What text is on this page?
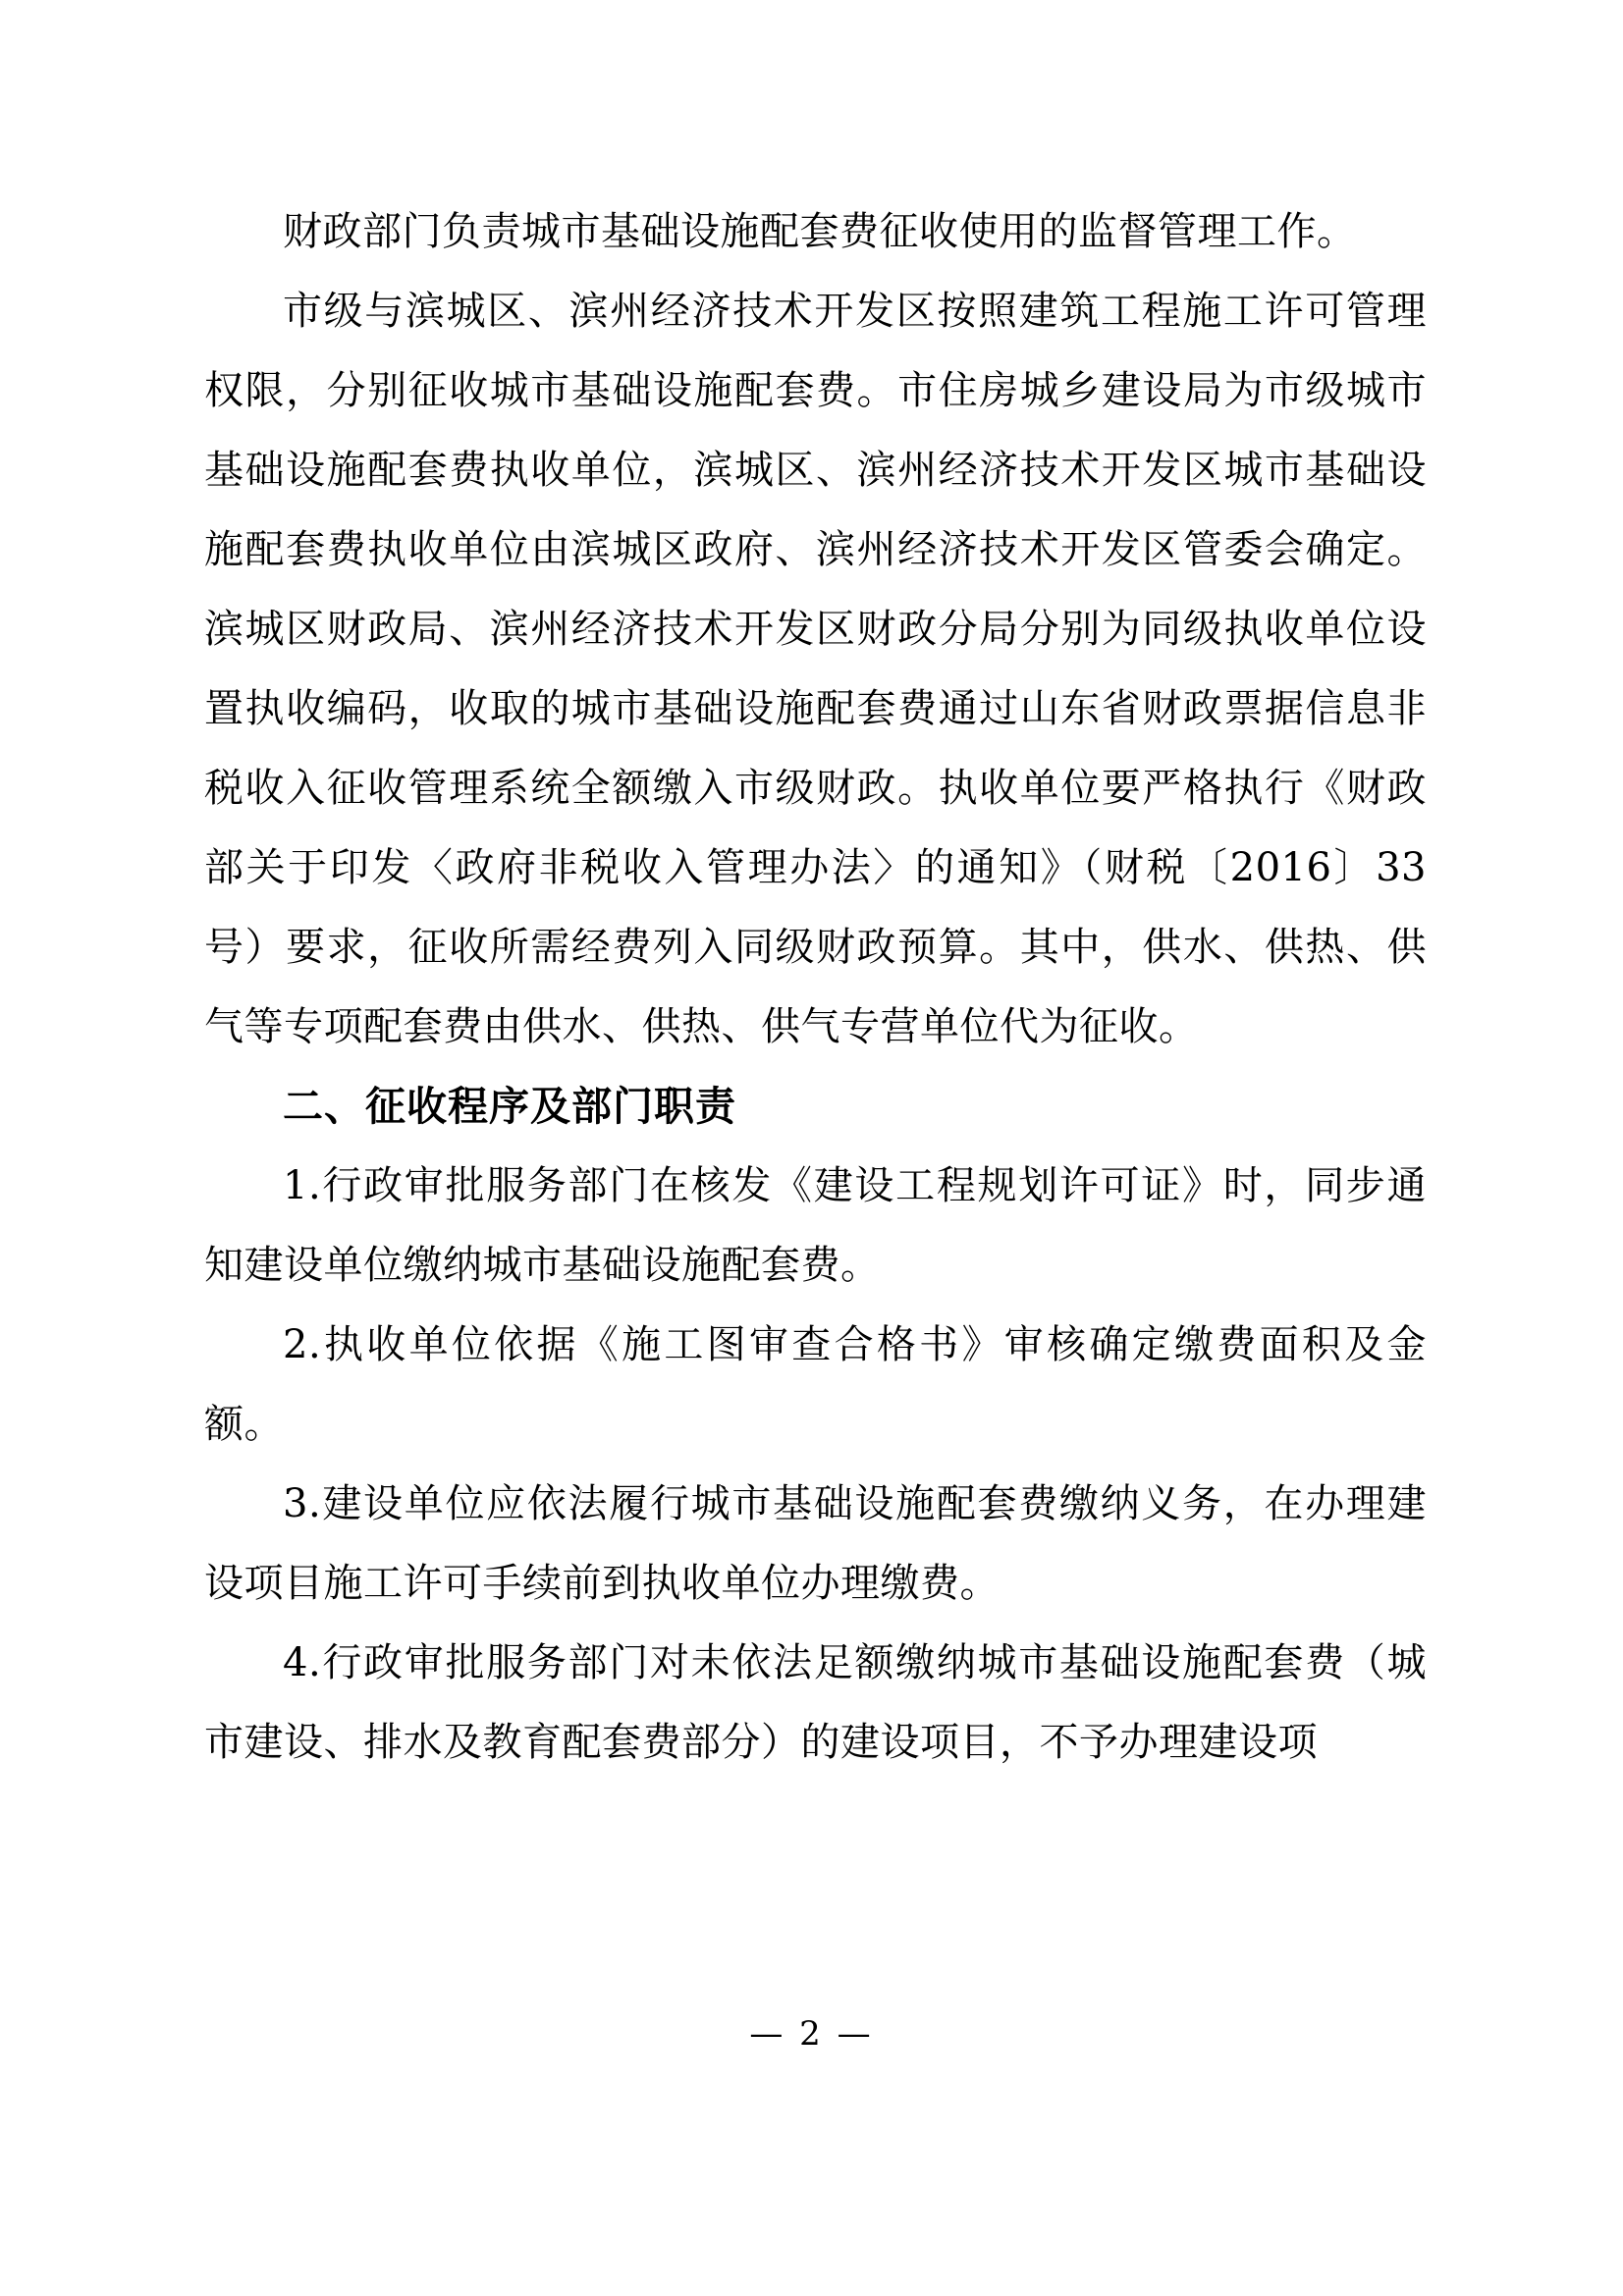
财政部门负责城市基础设施配套费征收使用的监督管理工作。

市级与滨城区、滨州经济技术开发区按照建筑工程施工许可管理权限，分别征收城市基础设施配套费。市住房城乡建设局为市级城市基础设施配套费执收单位，滨城区、滨州经济技术开发区城市基础设施配套费执收单位由滨城区政府、滨州经济技术开发区管委会确定。滨城区财政局、滨州经济技术开发区财政分局分别为同级执收单位设置执收编码，收取的城市基础设施配套费通过山东省财政票据信息非税收入征收管理系统全额缴入市级财政。执收单位要严格执行《财政部关于印发〈政府非税收入管理办法〉的通知》（财税〔2016〕33号）要求，征收所需经费列入同级财政预算。其中，供水、供热、供气等专项配套费由供水、供热、供气专营单位代为征收。

二、征收程序及部门职责

1.行政审批服务部门在核发《建设工程规划许可证》时，同步通知建设单位缴纳城市基础设施配套费。

2.执收单位依据《施工图审查合格书》审核确定缴费面积及金额。

3.建设单位应依法履行城市基础设施配套费缴纳义务，在办理建设项目施工许可手续前到执收单位办理缴费。

4.行政审批服务部门对未依法足额缴纳城市基础设施配套费（城市建设、排水及教育配套费部分）的建设项目，不予办理建设项

— 2 —
